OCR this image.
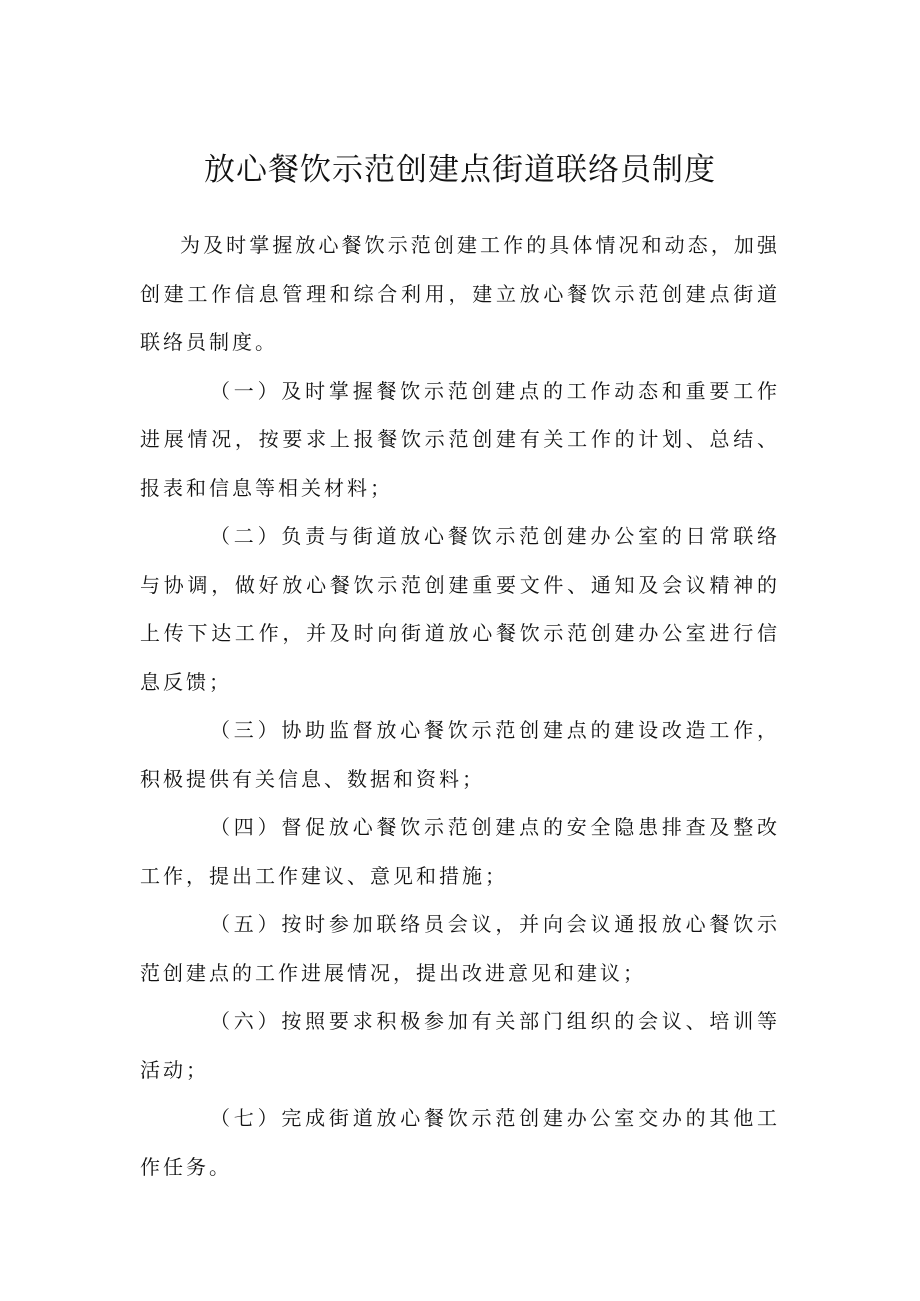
放心餐饮示范创建点街道联络员制度

为及时掌握放心餐饮示范创建工作的具体情况和动态，加强创建工作信息管理和综合利用，建立放心餐饮示范创建点街道联络员制度。

（一）及时掌握餐饮示范创建点的工作动态和重要工作进展情况，按要求上报餐饮示范创建有关工作的计划、总结、报表和信息等相关材料；

（二）负责与街道放心餐饮示范创建办公室的日常联络与协调，做好放心餐饮示范创建重要文件、通知及会议精神的上传下达工作，并及时向街道放心餐饮示范创建办公室进行信息反馈；

（三）协助监督放心餐饮示范创建点的建设改造工作，积极提供有关信息、数据和资料；

（四）督促放心餐饮示范创建点的安全隐患排查及整改工作，提出工作建议、意见和措施；

（五）按时参加联络员会议，并向会议通报放心餐饮示范创建点的工作进展情况，提出改进意见和建议；

（六）按照要求积极参加有关部门组织的会议、培训等活动；

（七）完成街道放心餐饮示范创建办公室交办的其他工作任务。
